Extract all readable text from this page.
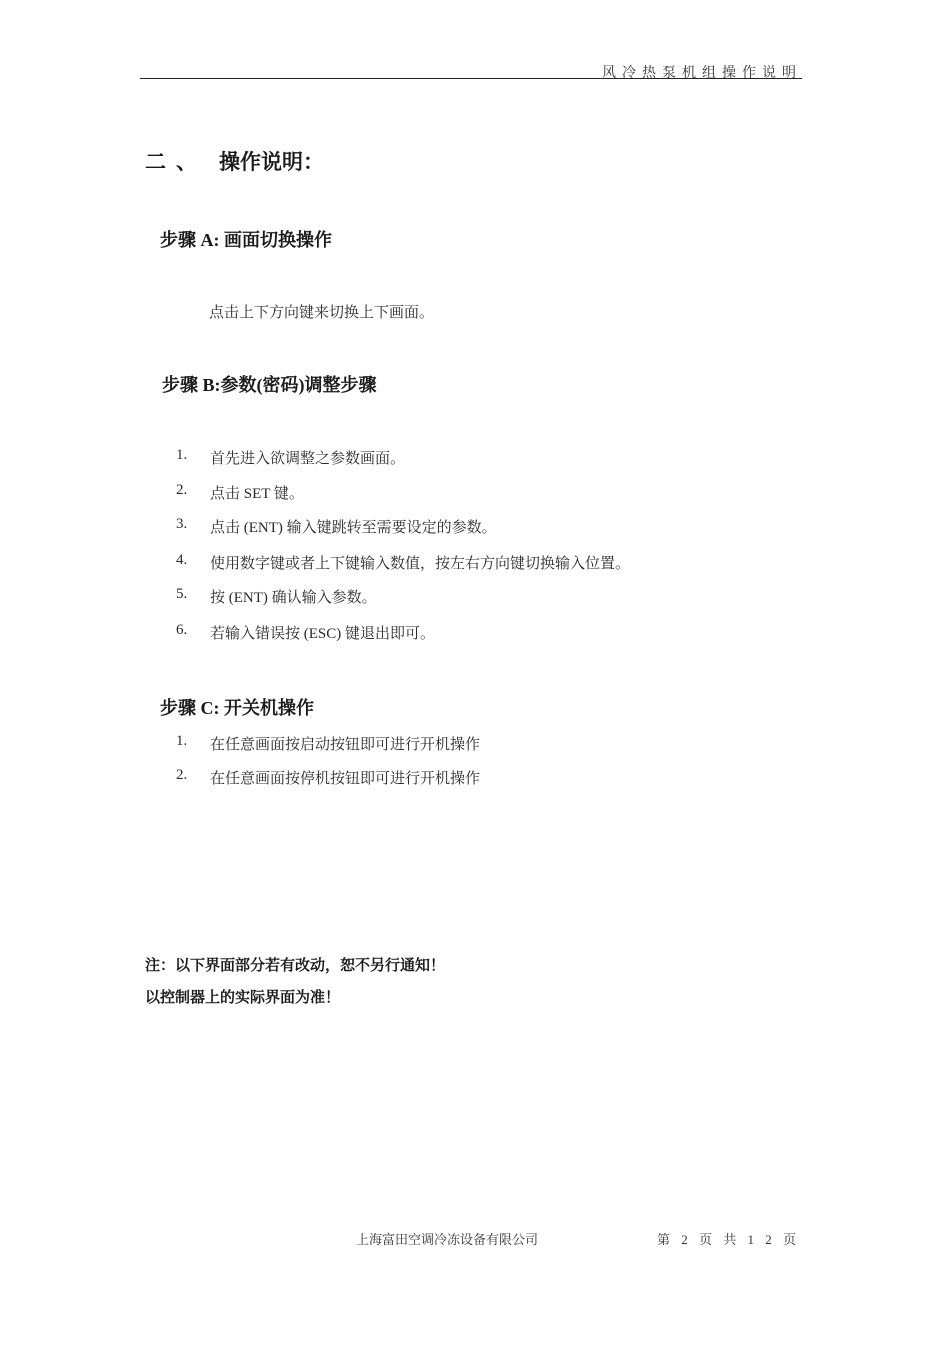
风冷热泵机组操作说明
二 、 操作说明：
步骤 A: 画面切换操作
点击上下方向键来切换上下画面。
步骤 B:参数(密码)调整步骤
1. 首先进入欲调整之参数画面。
2. 点击 SET 键。
3. 点击 (ENT) 输入键跳转至需要设定的参数。
4. 使用数字键或者上下键输入数值，按左右方向键切换输入位置。
5. 按 (ENT) 确认输入参数。
6. 若输入错误按 (ESC) 键退出即可。
步骤 C: 开关机操作
1. 在任意画面按启动按钮即可进行开机操作
2. 在任意画面按停机按钮即可进行开机操作
注：以下界面部分若有改动，恕不另行通知！
以控制器上的实际界面为准！
上海富田空调冷冻设备有限公司	第 2 页 共 1 2 页
